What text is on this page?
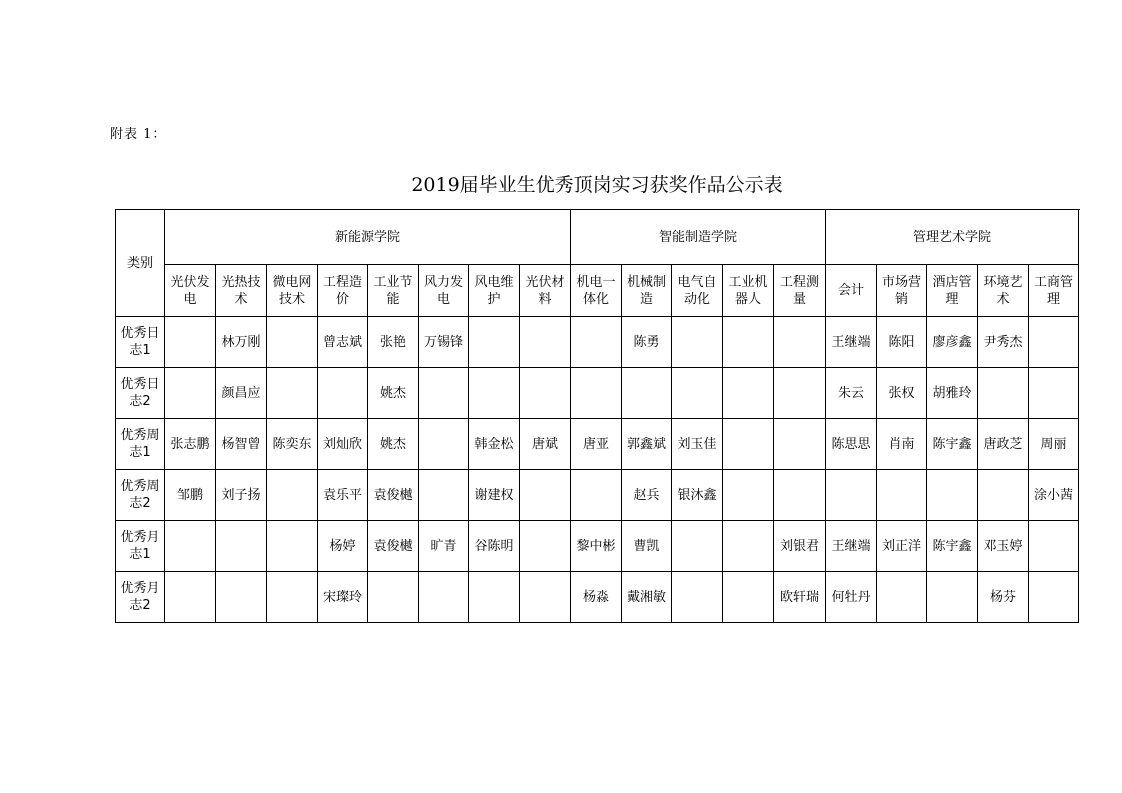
附表 1：
2019届毕业生优秀顶岗实习获奖作品公示表
类别	新能源学院								智能制造学院					管理艺术学院				
	光伏发电	光热技术	微电网技术	工程造价	工业节能	风力发电	风电维护	光伏材料	机电一体化	机械制造	电气自动化	工业机器人	工程测量	会计	市场营销	酒店管理	环境艺术	工商管理
优秀日志1		林万刚		曾志斌	张艳	万锡锋				陈勇				王继端	陈阳	廖彦鑫	尹秀杰	
优秀日志2		颜昌应			姚杰									朱云	张权	胡雅玲		
优秀周志1	张志鹏	杨智曾	陈奕东	刘灿欣	姚杰		韩金松	唐斌	唐亚	郭鑫斌	刘玉佳			陈思思	肖南	陈宇鑫	唐政芝	周丽
优秀周志2	邹鹏	刘子扬		袁乐平	袁俊樾		谢建权			赵兵	银沐鑫							涂小茜
优秀月志1				杨婷	袁俊樾	旷青	谷陈明		黎中彬	曹凯			刘银君	王继端	刘正洋	陈宇鑫	邓玉婷	
优秀月志2				宋璨玲					杨淼	戴湘敏			欧轩瑞	何牡丹			杨芬	
